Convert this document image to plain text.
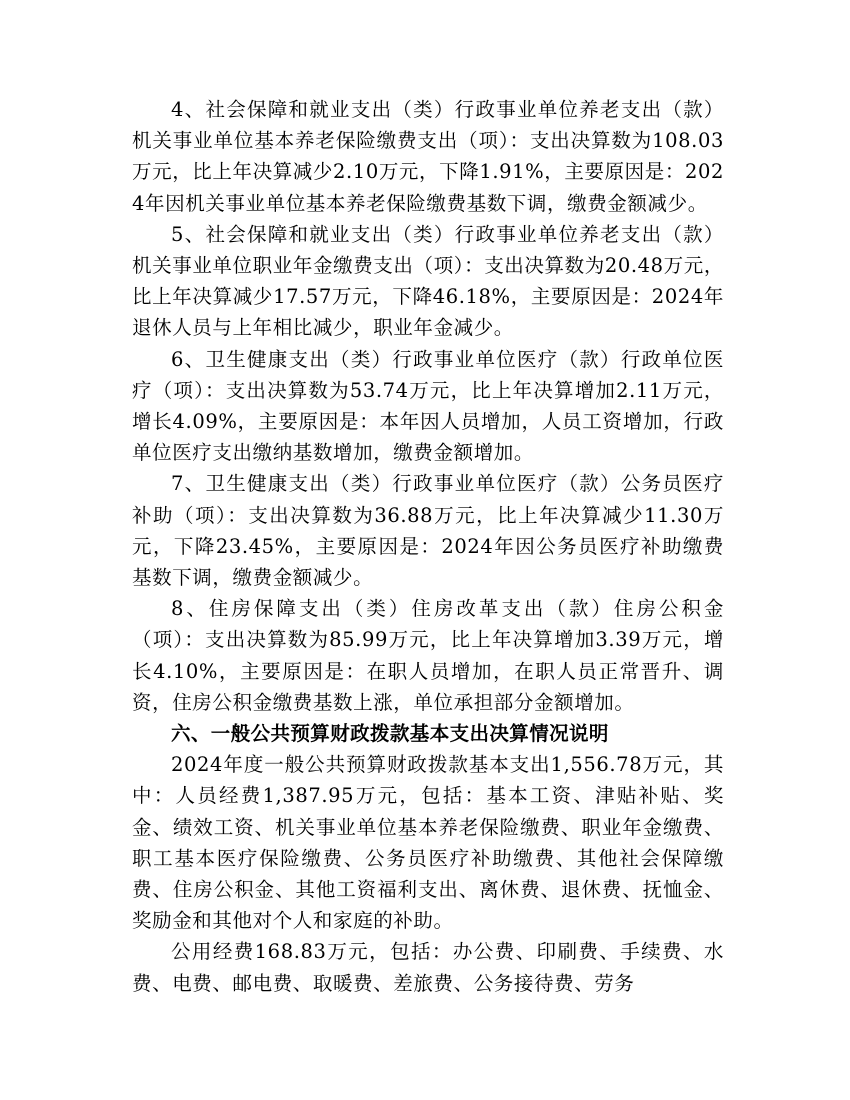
4、社会保障和就业支出（类）行政事业单位养老支出（款）机关事业单位基本养老保险缴费支出（项）：支出决算数为108.03万元，比上年决算减少2.10万元，下降1.91%，主要原因是：2024年因机关事业单位基本养老保险缴费基数下调，缴费金额减少。

5、社会保障和就业支出（类）行政事业单位养老支出（款）机关事业单位职业年金缴费支出（项）：支出决算数为20.48万元，比上年决算减少17.57万元，下降46.18%，主要原因是：2024年退休人员与上年相比减少，职业年金减少。

6、卫生健康支出（类）行政事业单位医疗（款）行政单位医疗（项）：支出决算数为53.74万元，比上年决算增加2.11万元，增长4.09%，主要原因是：本年因人员增加，人员工资增加，行政单位医疗支出缴纳基数增加，缴费金额增加。

7、卫生健康支出（类）行政事业单位医疗（款）公务员医疗补助（项）：支出决算数为36.88万元，比上年决算减少11.30万元，下降23.45%，主要原因是：2024年因公务员医疗补助缴费基数下调，缴费金额减少。

8、住房保障支出（类）住房改革支出（款）住房公积金（项）：支出决算数为85.99万元，比上年决算增加3.39万元，增长4.10%，主要原因是：在职人员增加，在职人员正常晋升、调资，住房公积金缴费基数上涨，单位承担部分金额增加。

六、一般公共预算财政拨款基本支出决算情况说明

2024年度一般公共预算财政拨款基本支出1,556.78万元，其中：人员经费1,387.95万元，包括：基本工资、津贴补贴、奖金、绩效工资、机关事业单位基本养老保险缴费、职业年金缴费、职工基本医疗保险缴费、公务员医疗补助缴费、其他社会保障缴费、住房公积金、其他工资福利支出、离休费、退休费、抚恤金、奖励金和其他对个人和家庭的补助。

公用经费168.83万元，包括：办公费、印刷费、手续费、水费、电费、邮电费、取暖费、差旅费、公务接待费、劳务
